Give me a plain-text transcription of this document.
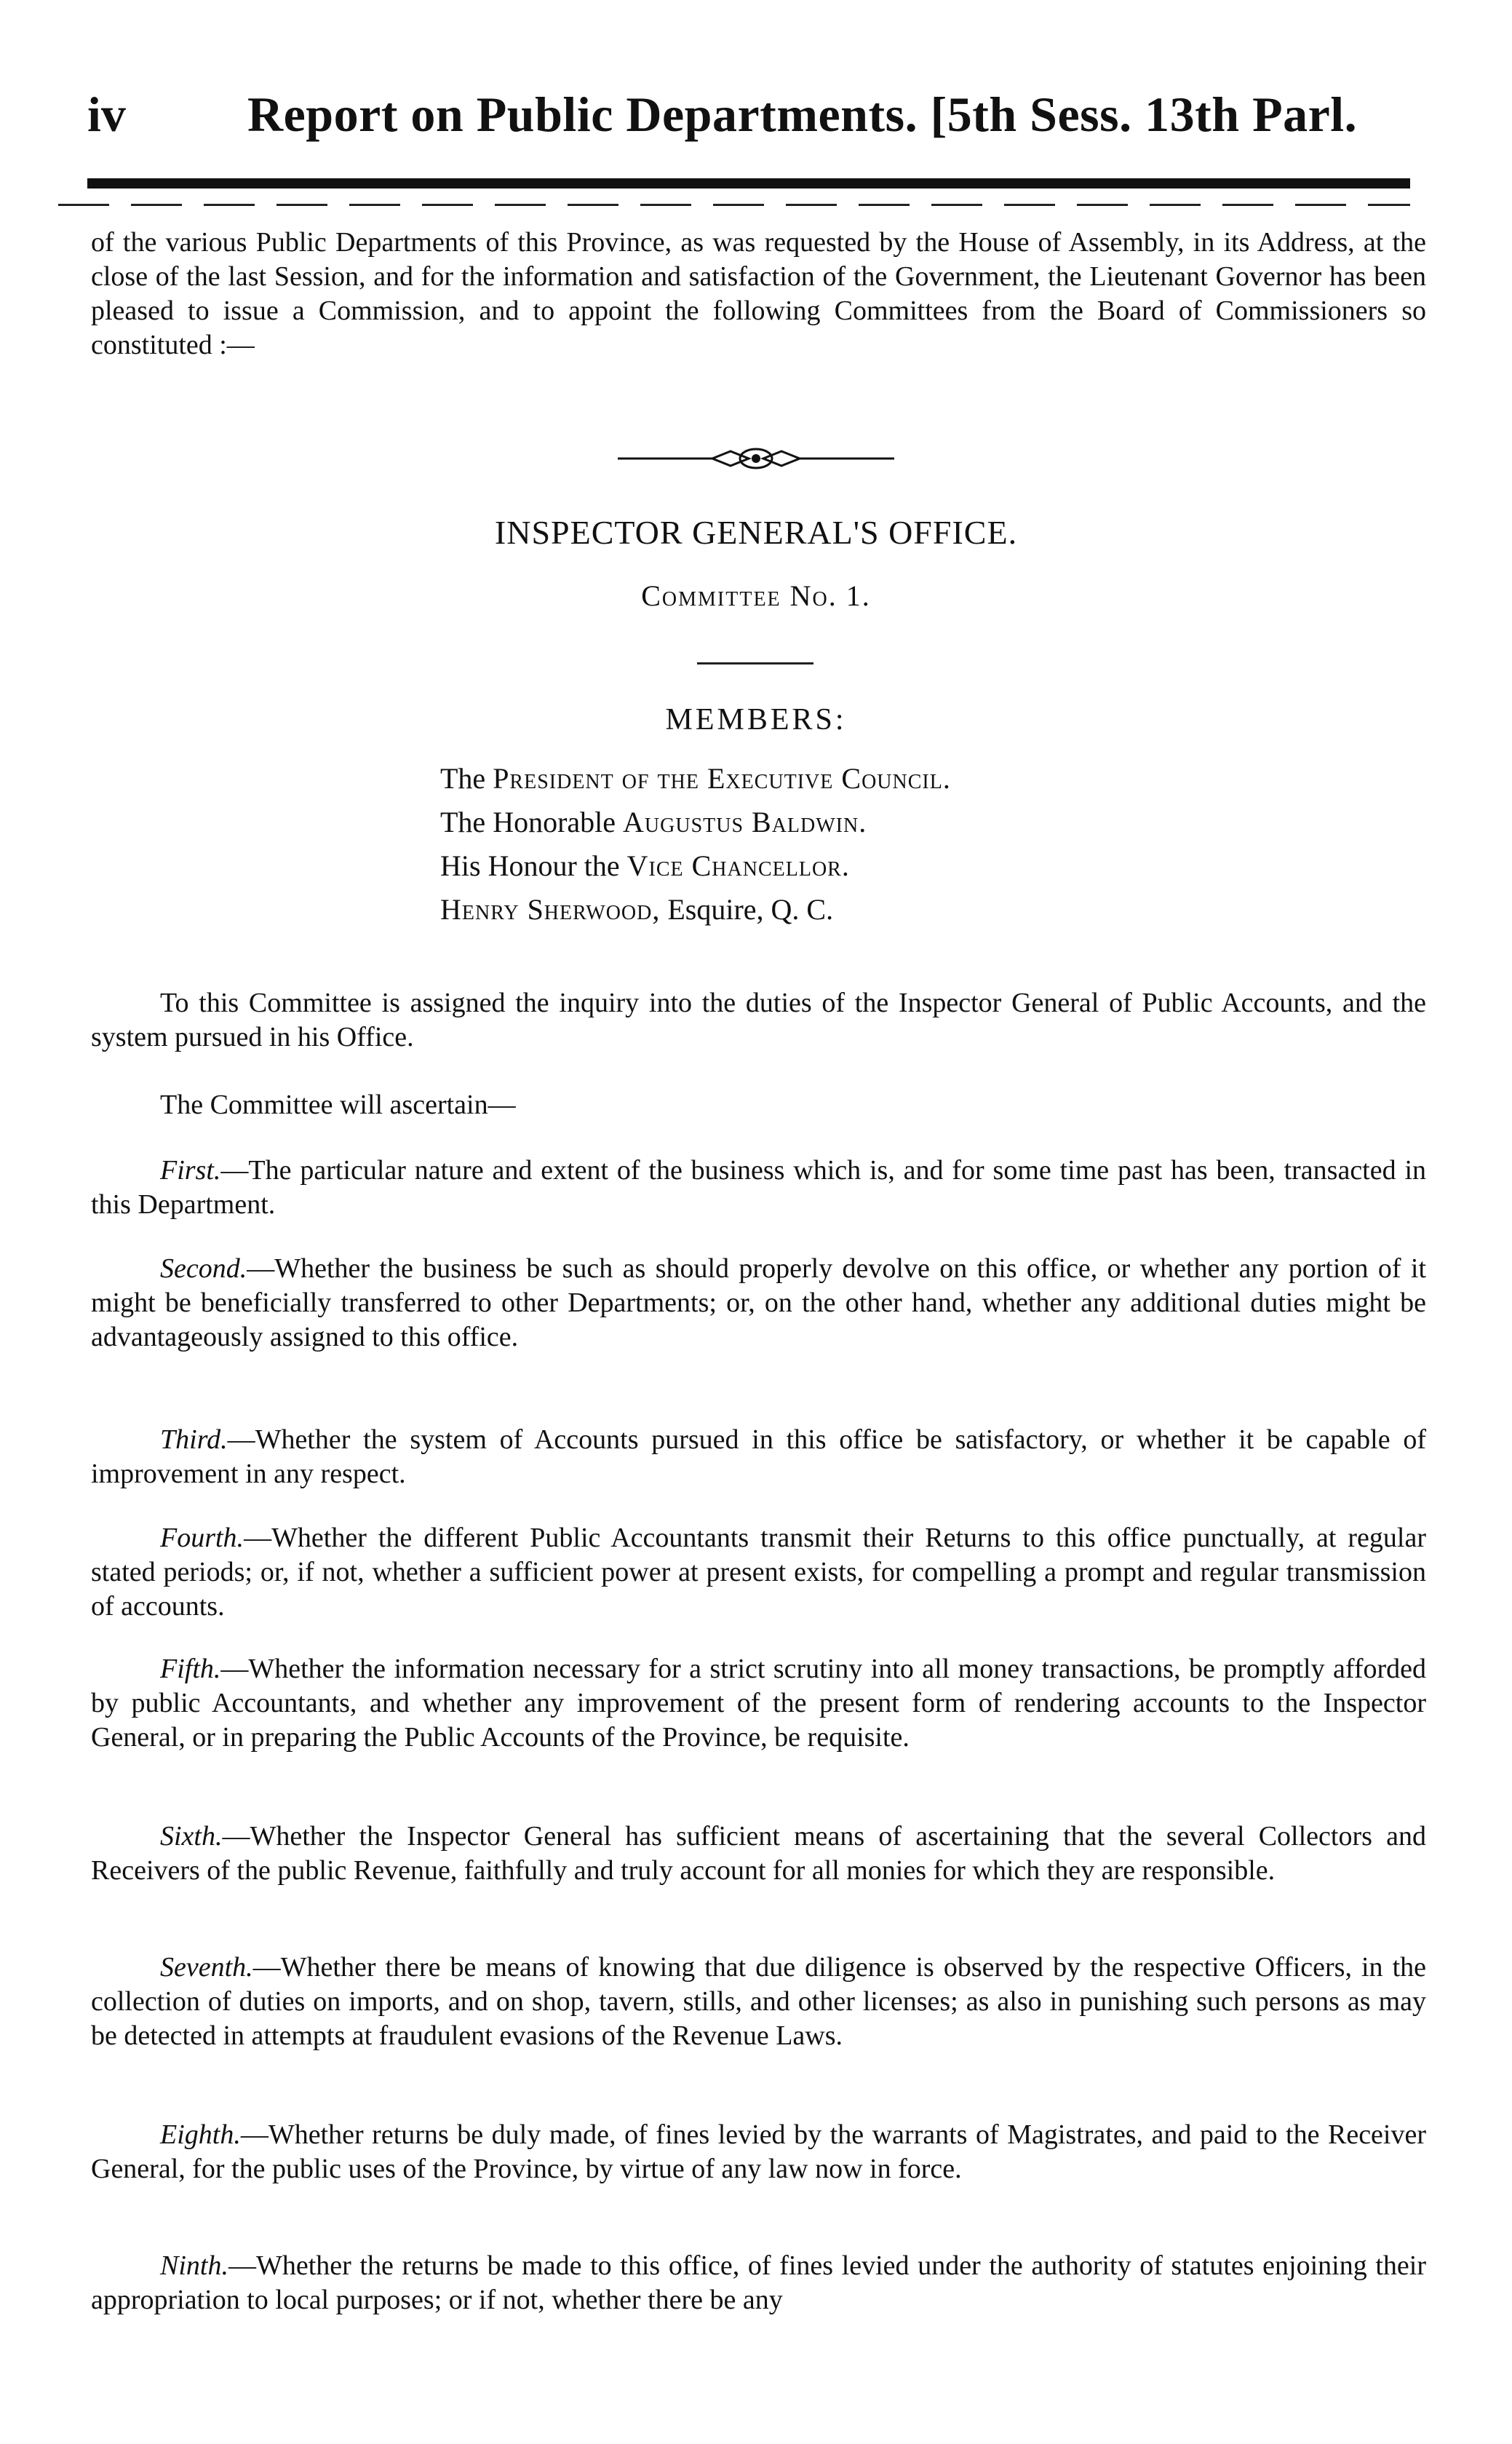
iv Report on Public Departments. [5th Sess. 13th Parl.
of the various Public Departments of this Province, as was requested by the House of Assembly, in its Address, at the close of the last Session, and for the information and satisfaction of the Government, the Lieutenant Governor has been pleased to issue a Commission, and to appoint the following Committees from the Board of Commissioners so constituted :—
INSPECTOR GENERAL'S OFFICE.
Committee No. 1.
MEMBERS:
The President of the Executive Council.
The Honorable Augustus Baldwin.
His Honour the Vice Chancellor.
Henry Sherwood, Esquire, Q. C.
To this Committee is assigned the inquiry into the duties of the Inspector General of Public Accounts, and the system pursued in his Office.
The Committee will ascertain—
First.—The particular nature and extent of the business which is, and for some time past has been, transacted in this Department.
Second.—Whether the business be such as should properly devolve on this office, or whether any portion of it might be beneficially transferred to other Departments; or, on the other hand, whether any additional duties might be advantageously assigned to this office.
Third.—Whether the system of Accounts pursued in this office be satisfactory, or whether it be capable of improvement in any respect.
Fourth.—Whether the different Public Accountants transmit their Returns to this office punctually, at regular stated periods; or, if not, whether a sufficient power at present exists, for compelling a prompt and regular transmission of accounts.
Fifth.—Whether the information necessary for a strict scrutiny into all money transactions, be promptly afforded by public Accountants, and whether any improvement of the present form of rendering accounts to the Inspector General, or in preparing the Public Accounts of the Province, be requisite.
Sixth.—Whether the Inspector General has sufficient means of ascertaining that the several Collectors and Receivers of the public Revenue, faithfully and truly account for all monies for which they are responsible.
Seventh.—Whether there be means of knowing that due diligence is observed by the respective Officers, in the collection of duties on imports, and on shop, tavern, stills, and other licenses; as also in punishing such persons as may be detected in attempts at fraudulent evasions of the Revenue Laws.
Eighth.—Whether returns be duly made, of fines levied by the warrants of Magistrates, and paid to the Receiver General, for the public uses of the Province, by virtue of any law now in force.
Ninth.—Whether the returns be made to this office, of fines levied under the authority of statutes enjoining their appropriation to local purposes; or if not, whether there be any
